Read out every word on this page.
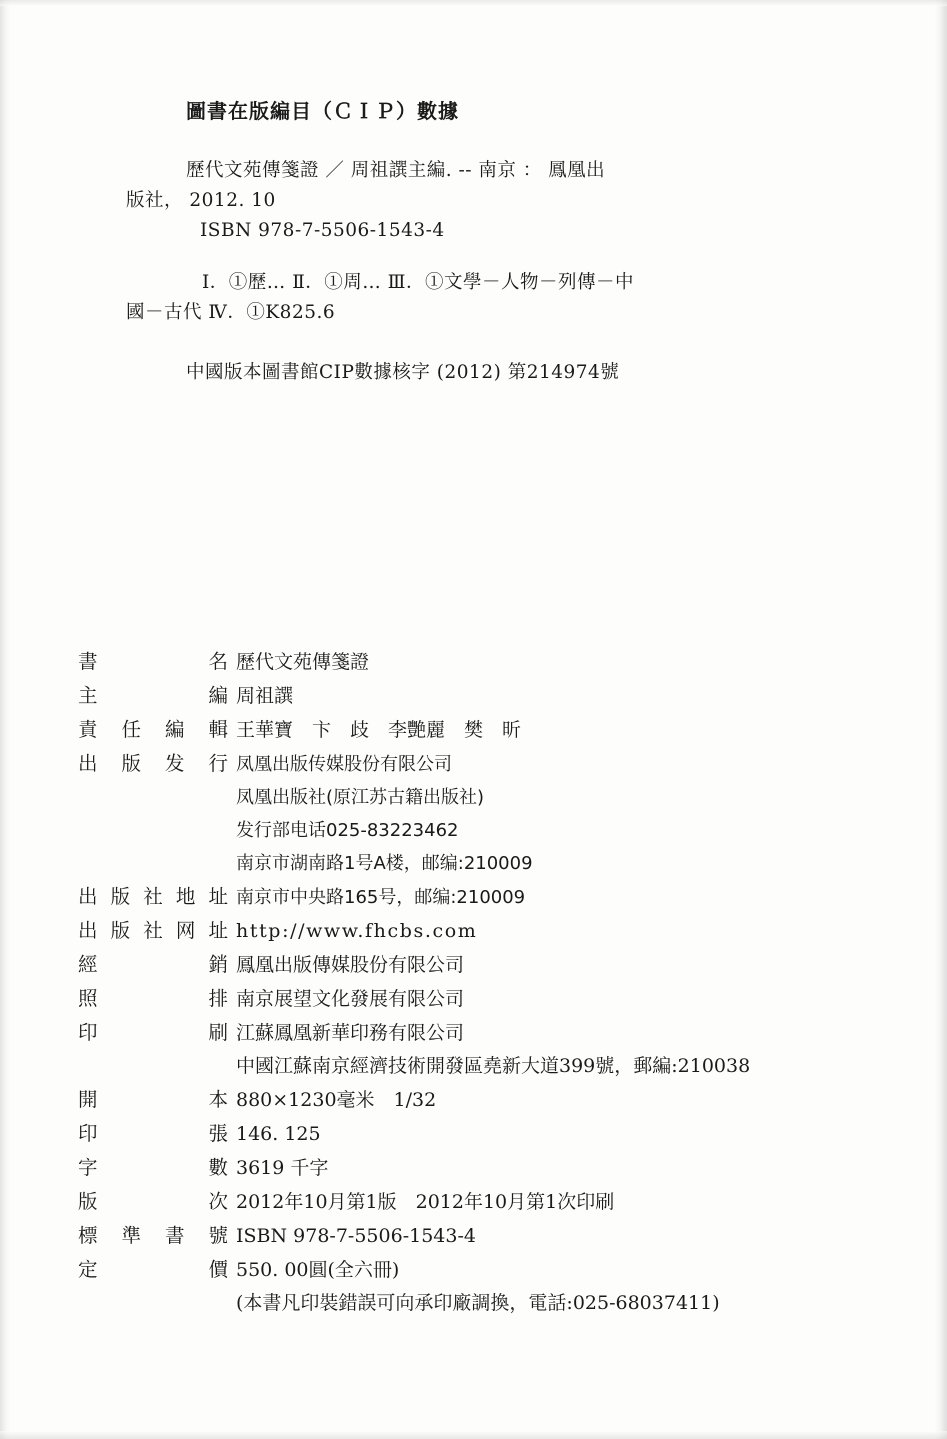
圖書在版編目（ＣＩＰ）數據
歷代文苑傳箋證 ／ 周祖譔主編. -- 南京 ： 鳳凰出
版社， 2012. 10
ISBN 978-7-5506-1543-4
Ⅰ．①歷… Ⅱ．①周… Ⅲ．①文學－人物－列傳－中
國－古代 Ⅳ．①K825.6
中國版本圖書館CIP數據核字 (2012) 第214974號
書	名 歷代文苑傳箋證
主	編 周祖譔
責 任 編 輯 王華寶　卞　歧　李艷麗　樊　昕
出 版 发 行 凤凰出版传媒股份有限公司
凤凰出版社(原江苏古籍出版社)
发行部电话025-83223462
南京市湖南路1号A楼，邮编:210009
出 版 社 地 址 南京市中央路165号，邮编:210009
出 版 社 网 址 http://www.fhcbs.com
經	銷 鳳凰出版傳媒股份有限公司
照	排 南京展望文化發展有限公司
印	刷 江蘇鳳凰新華印務有限公司
中國江蘇南京經濟技術開發區堯新大道399號，郵編:210038
開	本 880×1230毫米　1/32
印	張 146. 125
字	數 3619 千字
版	次 2012年10月第1版　2012年10月第1次印刷
標 準 書 號 ISBN 978-7-5506-1543-4
定	價 550. 00圓(全六冊)
(本書凡印裝錯誤可向承印廠調換，電話:025-68037411)
